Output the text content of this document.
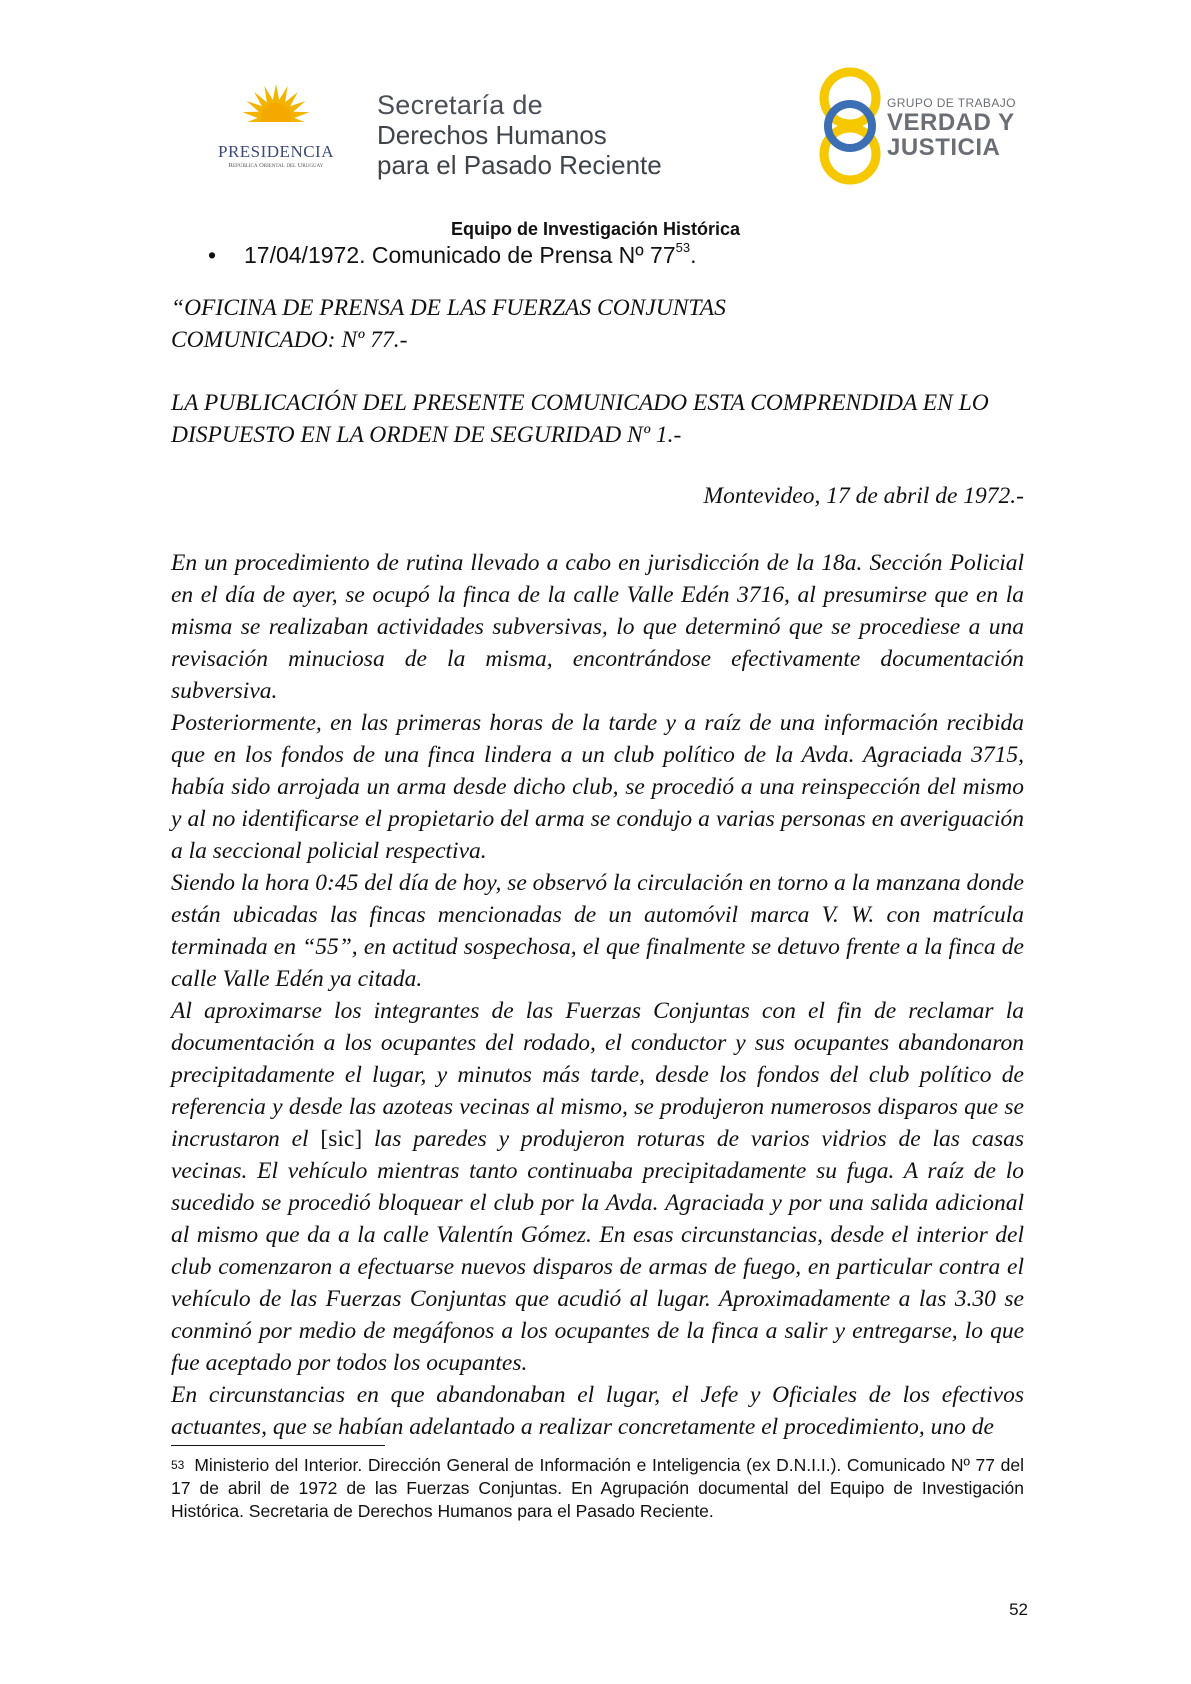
PRESIDENCIA
República Oriental del Uruguay
Secretaría de
Derechos Humanos
para el Pasado Reciente
GRUPO DE TRABAJO
VERDAD Y
JUSTICIA
Equipo de Investigación Histórica
• 17/04/1972. Comunicado de Prensa Nº $77^{53}$.
“OFICINA DE PRENSA DE LAS FUERZAS CONJUNTAS
COMUNICADO: Nº 77.-
LA PUBLICACIÓN DEL PRESENTE COMUNICADO ESTA COMPRENDIDA EN LO DISPUESTO EN LA ORDEN DE SEGURIDAD Nº 1.-
Montevideo, 17 de abril de 1972.-

En un procedimiento de rutina llevado a cabo en jurisdicción de la 18a. Sección Policial en el día de ayer, se ocupó la finca de la calle Valle Edén 3716, al presumirse que en la misma se realizaban actividades subversivas, lo que determinó que se procediese a una revisación minuciosa de la misma, encontrándose efectivamente documentación subversiva.

Posteriormente, en las primeras horas de la tarde y a raíz de una información recibida que en los fondos de una finca lindera a un club político de la Avda. Agraciada 3715, había sido arrojada un arma desde dicho club, se procedió a una reinspección del mismo y al no identificarse el propietario del arma se condujo a varias personas en averiguación a la seccional policial respectiva.

Siendo la hora 0:45 del día de hoy, se observó la circulación en torno a la manzana donde están ubicadas las fincas mencionadas de un automóvil marca V. W. con matrícula terminada en “55”, en actitud sospechosa, el que finalmente se detuvo frente a la finca de calle Valle Edén ya citada.

Al aproximarse los integrantes de las Fuerzas Conjuntas con el fin de reclamar la documentación a los ocupantes del rodado, el conductor y sus ocupantes abandonaron precipitadamente el lugar, y minutos más tarde, desde los fondos del club político de referencia y desde las azoteas vecinas al mismo, se produjeron numerosos disparos que se incrustaron el [sic] las paredes y produjeron roturas de varios vidrios de las casas vecinas. El vehículo mientras tanto continuaba precipitadamente su fuga. A raíz de lo sucedido se procedió bloquear el club por la Avda. Agraciada y por una salida adicional al mismo que da a la calle Valentín Gómez. En esas circunstancias, desde el interior del club comenzaron a efectuarse nuevos disparos de armas de fuego, en particular contra el vehículo de las Fuerzas Conjuntas que acudió al lugar. Aproximadamente a las 3.30 se conminó por medio de megáfonos a los ocupantes de la finca a salir y entregarse, lo que fue aceptado por todos los ocupantes.

En circunstancias en que abandonaban el lugar, el Jefe y Oficiales de los efectivos actuantes, que se habían adelantado a realizar concretamente el procedimiento, uno de

$^{53}$ Ministerio del Interior. Dirección General de Información e Inteligencia (ex D.N.I.I.). Comunicado Nº 77 del 17 de abril de 1972 de las Fuerzas Conjuntas. En Agrupación documental del Equipo de Investigación Histórica. Secretaria de Derechos Humanos para el Pasado Reciente.
52
